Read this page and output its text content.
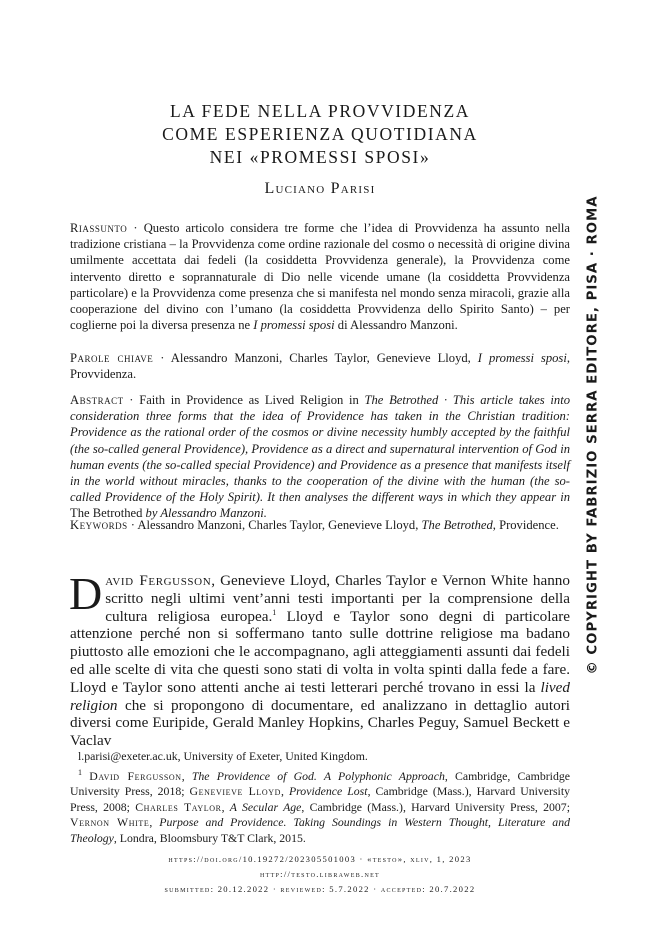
LA FEDE NELLA PROVVIDENZA
COME ESPERIENZA QUOTIDIANA
NEI «PROMESSI SPOSI»
Luciano Parisi
Riassunto · Questo articolo considera tre forme che l’idea di Provvidenza ha assunto nella tradizione cristiana – la Provvidenza come ordine razionale del cosmo o necessità di origine divina umilmente accettata dai fedeli (la cosiddetta Provvidenza generale), la Provvidenza come intervento diretto e soprannaturale di Dio nelle vicende umane (la cosiddetta Provvidenza particolare) e la Provvidenza come presenza che si manifesta nel mondo senza miracoli, grazie alla cooperazione del divino con l’umano (la cosiddetta Provvidenza dello Spirito Santo) – per coglierne poi la diversa presenza ne I promessi sposi di Alessandro Manzoni.
Parole chiave · Alessandro Manzoni, Charles Taylor, Genevieve Lloyd, I promessi sposi, Provvidenza.
Abstract · Faith in Providence as Lived Religion in The Betrothed · This article takes into consideration three forms that the idea of Providence has taken in the Christian tradition: Providence as the rational order of the cosmos or divine necessity humbly accepted by the faithful (the so-called general Providence), Providence as a direct and supernatural intervention of God in human events (the so-called special Providence) and Providence as a presence that manifests itself in the world without miracles, thanks to the cooperation of the divine with the human (the so-called Providence of the Holy Spirit). It then analyses the different ways in which they appear in The Betrothed by Alessandro Manzoni.
Keywords · Alessandro Manzoni, Charles Taylor, Genevieve Lloyd, The Betrothed, Providence.
David Fergusson, Genevieve Lloyd, Charles Taylor e Vernon White hanno scritto negli ultimi vent’anni testi importanti per la comprensione della cultura religiosa europea.$^1$ Lloyd e Taylor sono degni di particolare attenzione perché non si soffermano tanto sulle dottrine religiose ma badano piuttosto alle emozioni che le accompagnano, agli atteggiamenti assunti dai fedeli ed alle scelte di vita che questi sono stati di volta in volta spinti dalla fede a fare. Lloyd e Taylor sono attenti anche ai testi letterari perché trovano in essi la lived religion che si propongono di documentare, ed analizzano in dettaglio autori diversi come Euripide, Gerald Manley Hopkins, Charles Peguy, Samuel Beckett e Vaclav
l.parisi@exeter.ac.uk, University of Exeter, United Kingdom.
$^1$ David Fergusson, The Providence of God. A Polyphonic Approach, Cambridge, Cambridge University Press, 2018; Genevieve Lloyd, Providence Lost, Cambridge (Mass.), Harvard University Press, 2008; Charles Taylor, A Secular Age, Cambridge (Mass.), Harvard University Press, 2007; Vernon White, Purpose and Providence. Taking Soundings in Western Thought, Literature and Theology, Londra, Bloomsbury T&T Clark, 2015.
https://doi.org/10.19272/202305501003 · «testo», xliv, 1, 2023
http://testo.libraweb.net
submitted: 20.12.2022 · reviewed: 5.7.2022 · accepted: 20.7.2022
© COPYRIGHT BY FABRIZIO SERRA EDITORE, PISA · ROMA
